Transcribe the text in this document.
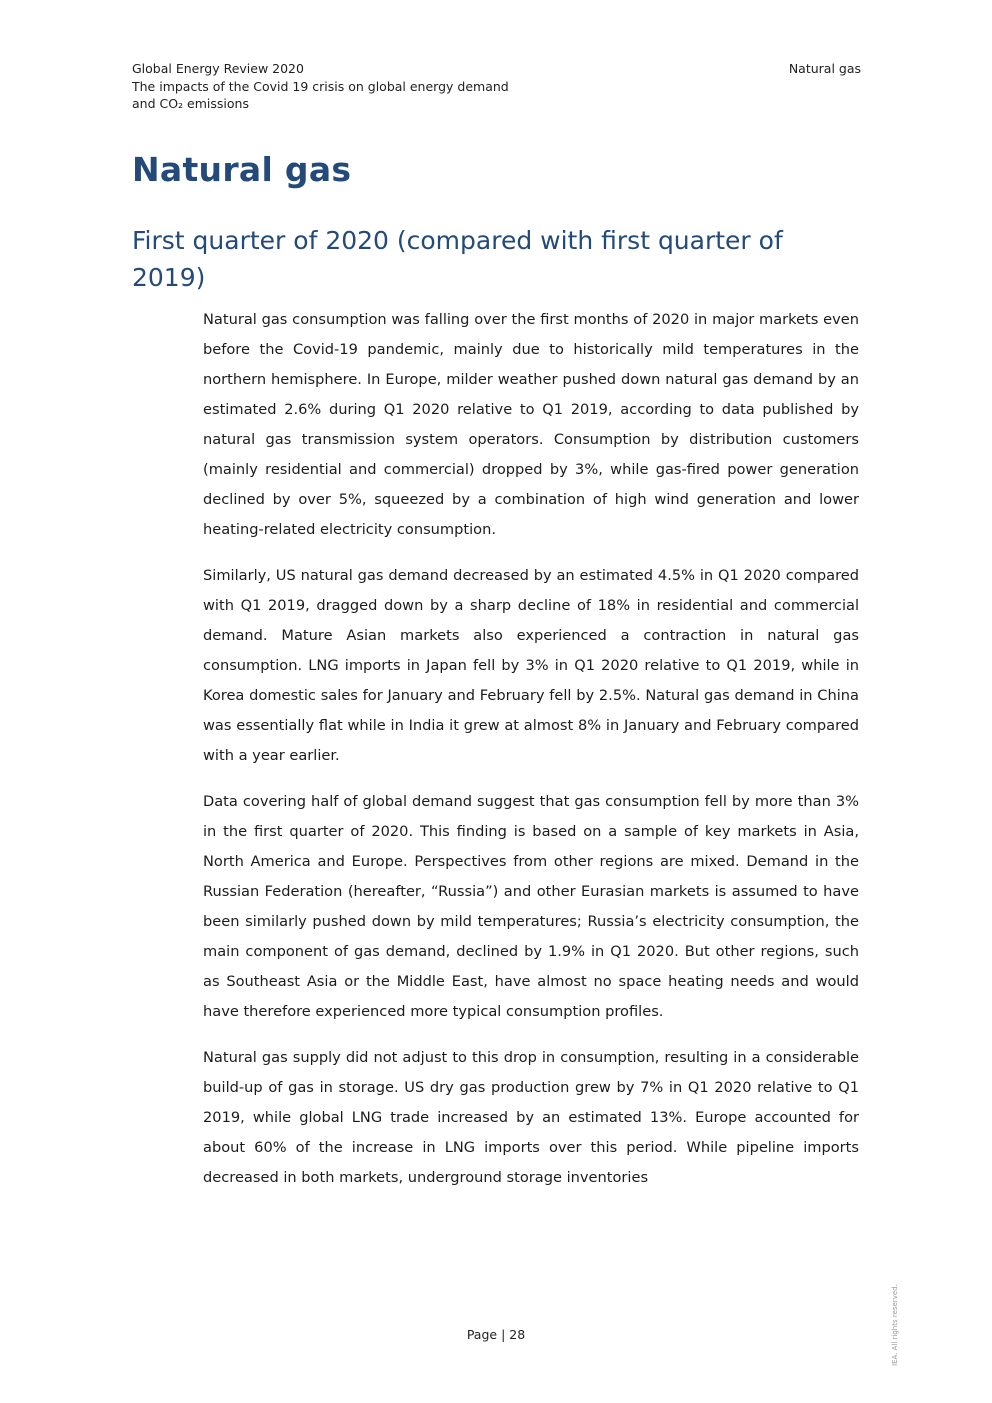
Global Energy Review 2020
The impacts of the Covid 19 crisis on global energy demand
and CO₂ emissions
Natural gas
Natural gas
First quarter of 2020 (compared with first quarter of 2019)

Natural gas consumption was falling over the first months of 2020 in major markets even before the Covid-19 pandemic, mainly due to historically mild temperatures in the northern hemisphere. In Europe, milder weather pushed down natural gas demand by an estimated 2.6% during Q1 2020 relative to Q1 2019, according to data published by natural gas transmission system operators. Consumption by distribution customers (mainly residential and commercial) dropped by 3%, while gas-fired power generation declined by over 5%, squeezed by a combination of high wind generation and lower heating-related electricity consumption.

Similarly, US natural gas demand decreased by an estimated 4.5% in Q1 2020 compared with Q1 2019, dragged down by a sharp decline of 18% in residential and commercial demand. Mature Asian markets also experienced a contraction in natural gas consumption. LNG imports in Japan fell by 3% in Q1 2020 relative to Q1 2019, while in Korea domestic sales for January and February fell by 2.5%. Natural gas demand in China was essentially flat while in India it grew at almost 8% in January and February compared with a year earlier.

Data covering half of global demand suggest that gas consumption fell by more than 3% in the first quarter of 2020. This finding is based on a sample of key markets in Asia, North America and Europe. Perspectives from other regions are mixed. Demand in the Russian Federation (hereafter, “Russia”) and other Eurasian markets is assumed to have been similarly pushed down by mild temperatures; Russia’s electricity consumption, the main component of gas demand, declined by 1.9% in Q1 2020. But other regions, such as Southeast Asia or the Middle East, have almost no space heating needs and would have therefore experienced more typical consumption profiles.

Natural gas supply did not adjust to this drop in consumption, resulting in a considerable build-up of gas in storage. US dry gas production grew by 7% in Q1 2020 relative to Q1 2019, while global LNG trade increased by an estimated 13%. Europe accounted for about 60% of the increase in LNG imports over this period. While pipeline imports decreased in both markets, underground storage inventories

Page | 28	IEA. All rights reserved.
